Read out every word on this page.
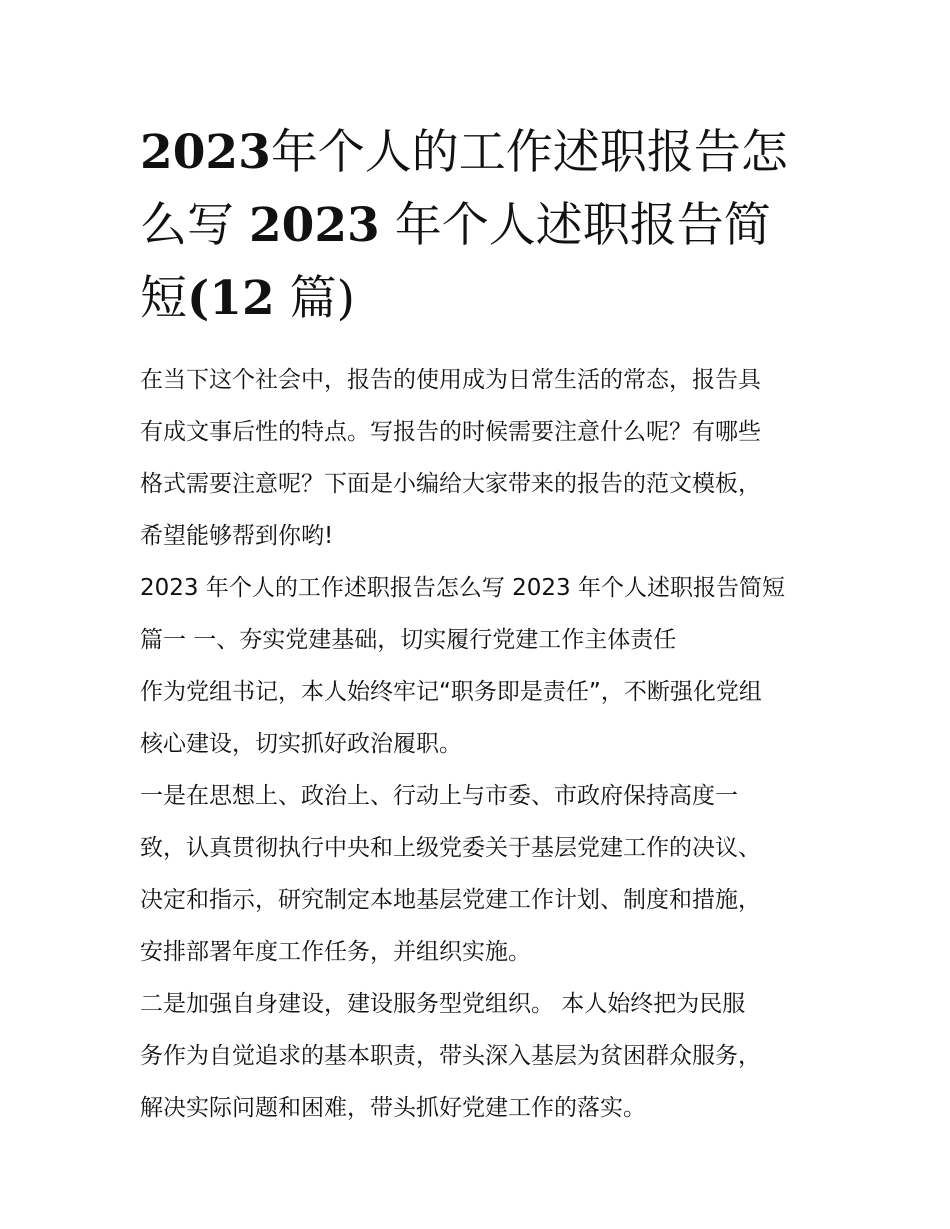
2023年个人的工作述职报告怎
么写 2023 年个人述职报告简
短(12 篇)
在当下这个社会中，报告的使用成为日常生活的常态，报告具
有成文事后性的特点。写报告的时候需要注意什么呢？有哪些
格式需要注意呢？下面是小编给大家带来的报告的范文模板，
希望能够帮到你哟!
2023 年个人的工作述职报告怎么写 2023 年个人述职报告简短
篇一 一、夯实党建基础，切实履行党建工作主体责任
作为党组书记，本人始终牢记“职务即是责任”，不断强化党组
核心建设，切实抓好政治履职。
一是在思想上、政治上、行动上与市委、市政府保持高度一
致，认真贯彻执行中央和上级党委关于基层党建工作的决议、
决定和指示，研究制定本地基层党建工作计划、制度和措施，
安排部署年度工作任务，并组织实施。
二是加强自身建设，建设服务型党组织。 本人始终把为民服
务作为自觉追求的基本职责，带头深入基层为贫困群众服务，
解决实际问题和困难，带头抓好党建工作的落实。
